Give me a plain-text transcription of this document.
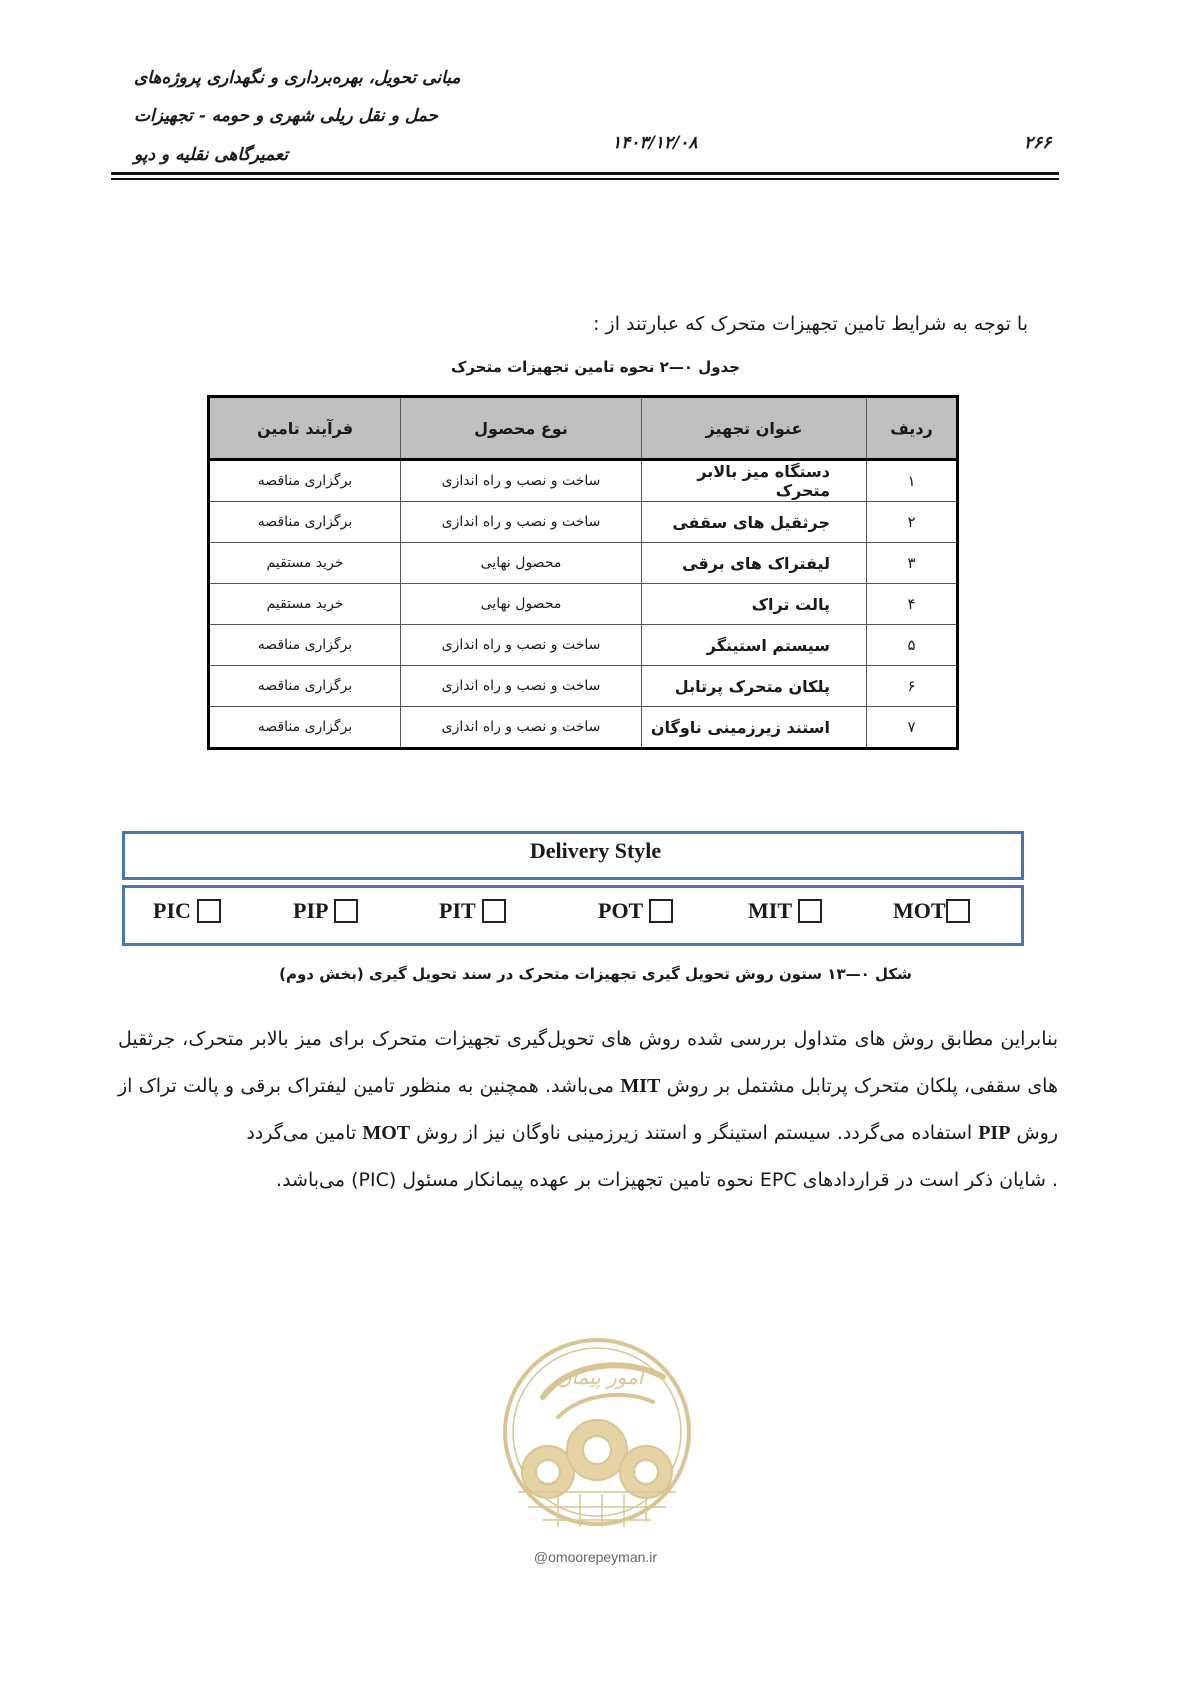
مبانی تحویل، بهره‌برداری و نگهداری پروژه‌های
حمل و نقل ریلی شهری و حومه - تجهیزات
تعمیرگاهی نقلیه و دپو
۱۴۰۳/۱۲/۰۸	۲۶۶
با توجه به شرایط تامین تجهیزات متحرک که عبارتند از :
جدول ۰—۲ نحوه تامین تجهیزات متحرک
ردیف	عنوان تجهیز	نوع محصول	فرآیند تامین
۱	دستگاه میز بالابر متحرک	ساخت و نصب و راه اندازی	برگزاری مناقصه
۲	جرثقیل های سقفی	ساخت و نصب و راه اندازی	برگزاری مناقصه
۳	لیفتراک های برقی	محصول نهایی	خرید مستقیم
۴	پالت تراک	محصول نهایی	خرید مستقیم
۵	سیستم استینگر	ساخت و نصب و راه اندازی	برگزاری مناقصه
۶	پلکان متحرک پرتابل	ساخت و نصب و راه اندازی	برگزاری مناقصه
۷	استند زیرزمینی ناوگان	ساخت و نصب و راه اندازی	برگزاری مناقصه
Delivery Style
PIC	PIP	PIT	POT	MIT	MOT
شکل ۰—۱۳ ستون روش تحویل گیری تجهیزات متحرک در سند تحویل گیری (بخش دوم)

بنابراین مطابق روش های متداول بررسی شده روش های تحویل‌گیری تجهیزات متحرک برای میز بالابر متحرک، جرثقیل های سقفی، پلکان متحرک پرتابل مشتمل بر روش MIT می‌باشد. همچنین به منظور تامین لیفتراک برقی و پالت تراک از روش PIP استفاده می‌گردد. سیستم استینگر و استند زیرزمینی ناوگان نیز از روش MOT تامین می‌گردد

. شایان ذکر است در قراردادهای EPC نحوه تامین تجهیزات بر عهده پیمانکار مسئول (PIC) می‌باشد.

امور پیمان
@omoorepeyman.ir
